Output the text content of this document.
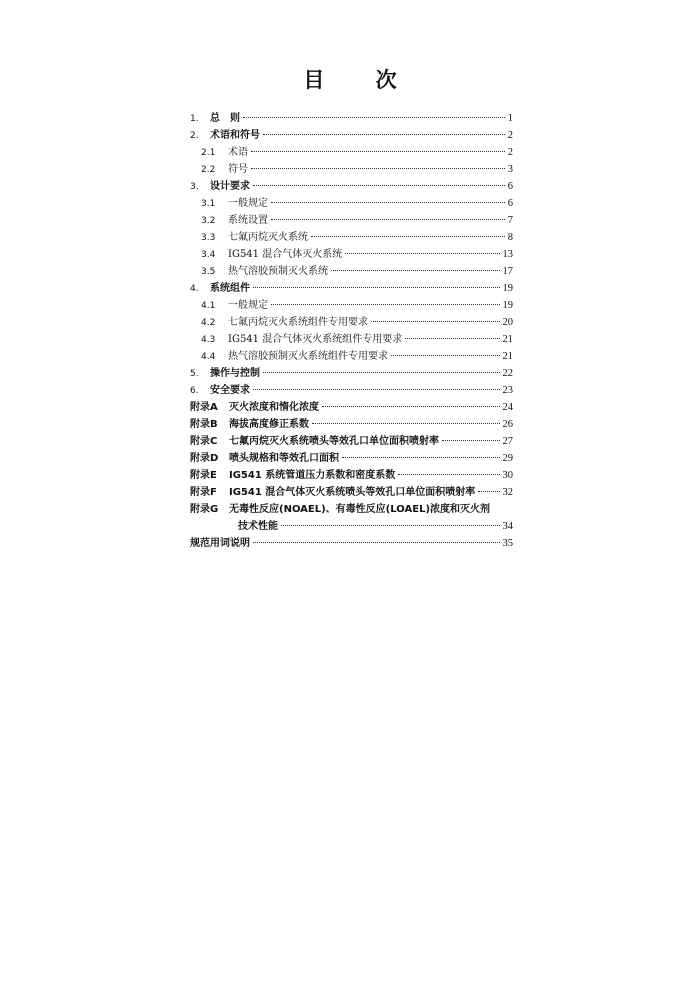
目 次
1.	总　则	1
2.	术语和符号	2
2.1	术语	2
2.2	符号	3
3.	设计要求	6
3.1	一般规定	6
3.2	系统设置	7
3.3	七氟丙烷灭火系统	8
3.4	IG541 混合气体灭火系统	13
3.5	热气溶胶预制灭火系统	17
4.	系统组件	19
4.1	一般规定	19
4.2	七氟丙烷灭火系统组件专用要求	20
4.3	IG541 混合气体灭火系统组件专用要求	21
4.4	热气溶胶预制灭火系统组件专用要求	21
5.	操作与控制	22
6.	安全要求	23
附录A	灭火浓度和惰化浓度	24
附录B	海拔高度修正系数	26
附录C	七氟丙烷灭火系统喷头等效孔口单位面积喷射率	27
附录D	喷头规格和等效孔口面积	29
附录E	IG541 系统管道压力系数和密度系数	30
附录F	IG541 混合气体灭火系统喷头等效孔口单位面积喷射率	32
附录G	无毒性反应(NOAEL)、有毒性反应(LOAEL)浓度和灭火剂
技术性能	34
规范用词说明	35
